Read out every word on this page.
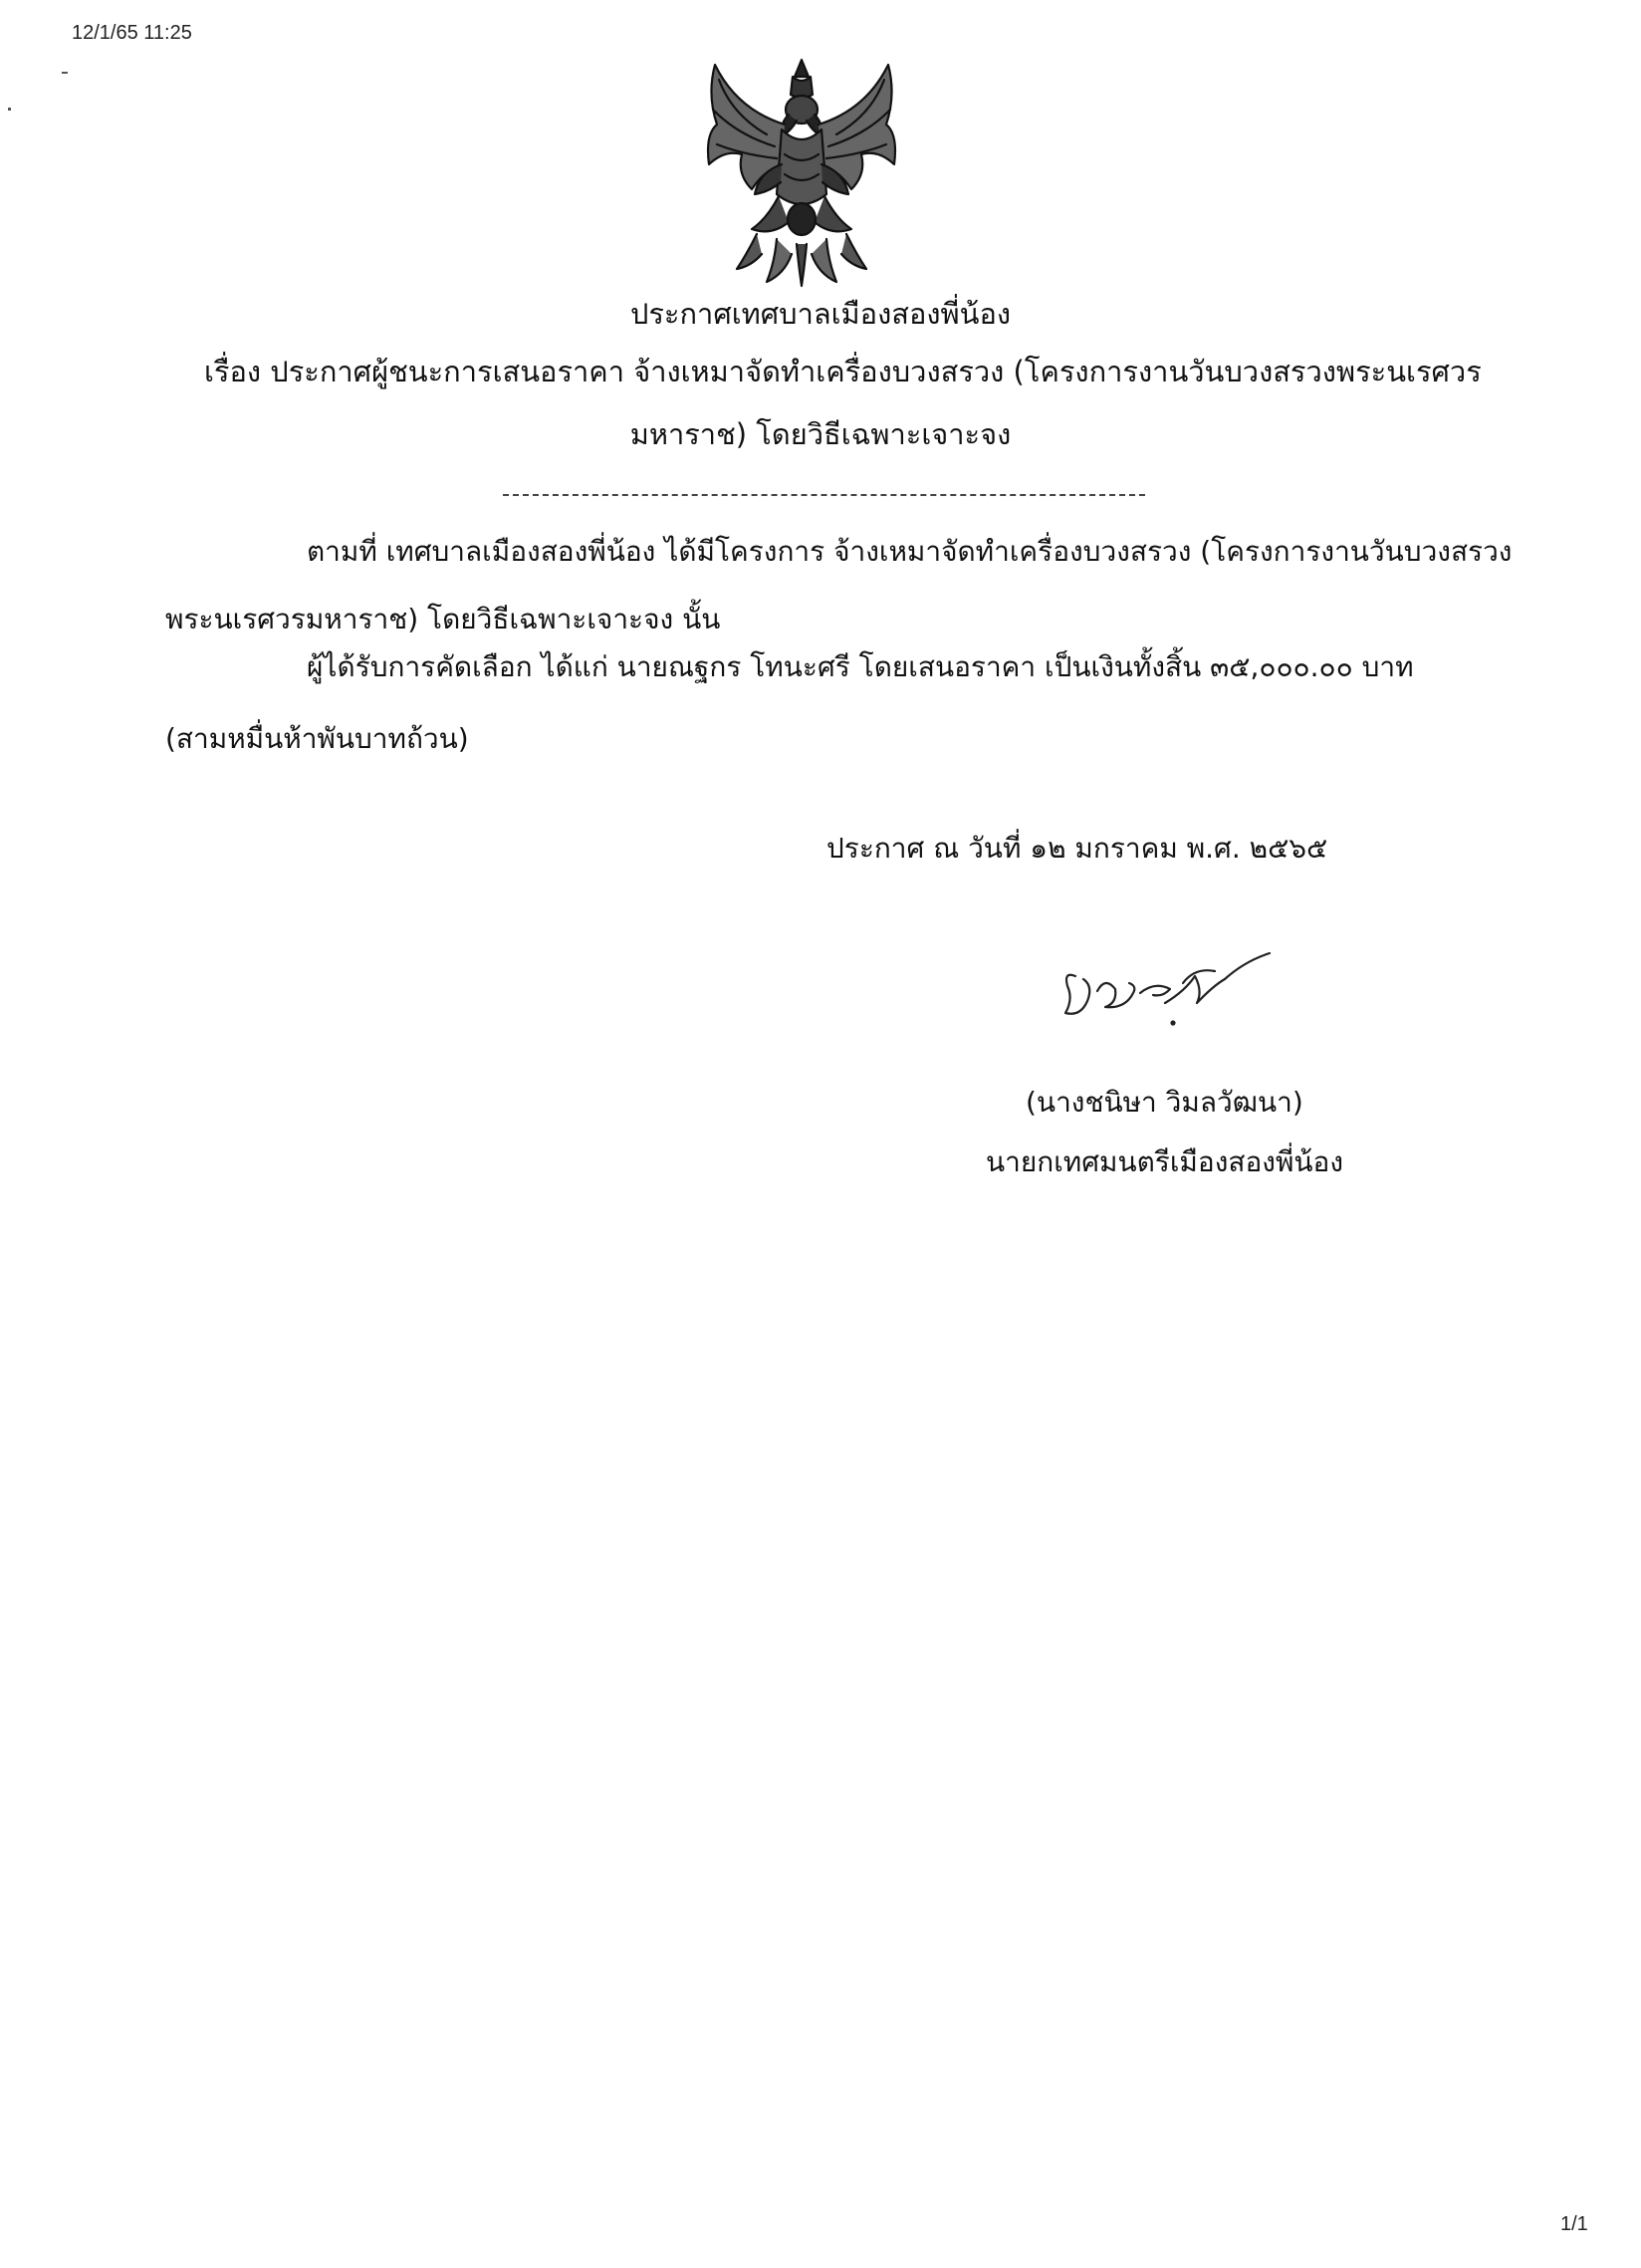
12/1/65 11:25
ประกาศเทศบาลเมืองสองพี่น้อง
เรื่อง ประกาศผู้ชนะการเสนอราคา จ้างเหมาจัดทำเครื่องบวงสรวง (โครงการงานวันบวงสรวงพระนเรศวร
มหาราช) โดยวิธีเฉพาะเจาะจง
ตามที่ เทศบาลเมืองสองพี่น้อง ได้มีโครงการ จ้างเหมาจัดทำเครื่องบวงสรวง (โครงการงานวันบวงสรวง
พระนเรศวรมหาราช) โดยวิธีเฉพาะเจาะจง นั้น
ผู้ได้รับการคัดเลือก ได้แก่ นายณฐกร โทนะศรี โดยเสนอราคา เป็นเงินทั้งสิ้น ๓๕,๐๐๐.๐๐ บาท
(สามหมื่นห้าพันบาทถ้วน)
ประกาศ ณ วันที่ ๑๒ มกราคม พ.ศ. ๒๕๖๕
(นางชนิษา วิมลวัฒนา)
นายกเทศมนตรีเมืองสองพี่น้อง
1/1
